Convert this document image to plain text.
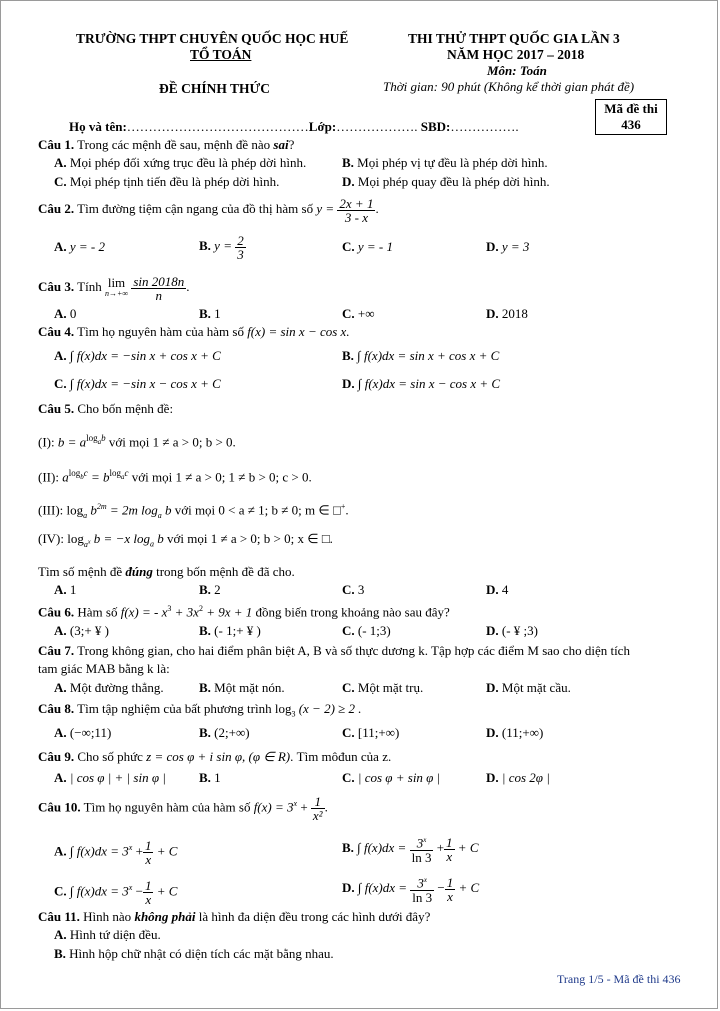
TRƯỜNG THPT CHUYÊN QUỐC HỌC HUẾ
TỔ TOÁN
ĐỀ CHÍNH THỨC
THI THỬ THPT QUỐC GIA LẦN 3
NĂM HỌC 2017 – 2018
Môn: Toán
Thời gian: 90 phút (Không kể thời gian phát đề)
Mã đề thi
436
Họ và tên:……………………………………Lớp:………………. SBD:…………….
Câu 1. Trong các mệnh đề sau, mệnh đề nào sai?
A. Mọi phép đối xứng trục đều là phép dời hình.	B. Mọi phép vị tự đều là phép dời hình.
C. Mọi phép tịnh tiến đều là phép dời hình.	D. Mọi phép quay đều là phép dời hình.
Câu 2. Tìm đường tiệm cận ngang của đồ thị hàm số $y = \frac{2x + 1}{3 - x}$ .
A. y = - 2	B. $y = \frac{2}{3}$	C. y = - 1	D. y = 3
Câu 3. Tính lim
n→+∞
$\frac{\sin 2018n}{n}$ .
A. 0	B. 1	C. +∞	D. 2018
Câu 4. Tìm họ nguyên hàm của hàm số f(x) = sin x − cos x.
A. ∫ f(x)dx = −sin x + cos x + C	B. ∫ f(x)dx = sin x + cos x + C
C. ∫ f(x)dx = −sin x − cos x + C	D. ∫ f(x)dx = sin x − cos x + C
Câu 5. Cho bốn mệnh đề:
(I): $b = a^{log_ab}$ với mọi 1 ≠ a > 0; b > 0.
(II): $a^{log_bc} = b^{log_ac}$ với mọi 1 ≠ a > 0; 1 ≠ b > 0; c > 0.
(III): $\log_a b^{2m} = 2m$ $\log_a b$ với mọi 0 < a ≠ 1; b ≠ 0; m ∈ □+.
(IV): $\log_{a^x} b = -x$ $\log_a b$ với mọi 1 ≠ a > 0; b > 0; x ∈ □.
Tìm số mệnh đề đúng trong bốn mệnh đề đã cho.
A. 1	B. 2	C. 3	D. 4
Câu 6. Hàm số f(x) = - $x^3 + 3x^2 + 9x + 1$ đồng biến trong khoảng nào sau đây?
A. (3;+ ¥ )	B. (- 1;+ ¥ )	C. (- 1;3)	D. (- ¥ ;3)
Câu 7. Trong không gian, cho hai điểm phân biệt A, B và số thực dương k. Tập hợp các điểm M sao cho diện tích
tam giác MAB bằng k là:
A. Một đường thẳng.	B. Một mặt nón.	C. Một mặt trụ.	D. Một mặt cầu.
Câu 8. Tìm tập nghiệm của bất phương trình $\log_3 (x - 2) \ge 2$ .
A. (−∞;11)	B. (2;+∞)	C. [11;+∞)	D. (11;+∞)
Câu 9. Cho số phức z = cos φ + i sin φ, (φ ∈ R). Tìm môđun của z.
A. | cos φ | + | sin φ |	B. 1	C. | cos φ + sin φ |	D. | cos 2φ |
Câu 10. Tìm họ nguyên hàm của hàm số $f(x) = 3^x + \frac{1}{\text{x²}}$ .
A. ∫ $f(x)dx = 3^x + \frac{1}{x} + C$	B. ∫ $f(x)dx = \frac{3^x}{\ln 3} + \frac{1}{x} + C$
C. ∫ $f(x)dx = 3^x - \frac{1}{x} + C$	D. ∫ $f(x)dx = \frac{3^x}{\ln 3} - \frac{1}{x} + C$
Câu 11. Hình nào không phải là hình đa diện đều trong các hình dưới đây?
A. Hình tứ diện đều.
B. Hình hộp chữ nhật có diện tích các mặt bằng nhau.
Trang 1/5 - Mã đề thi 436
